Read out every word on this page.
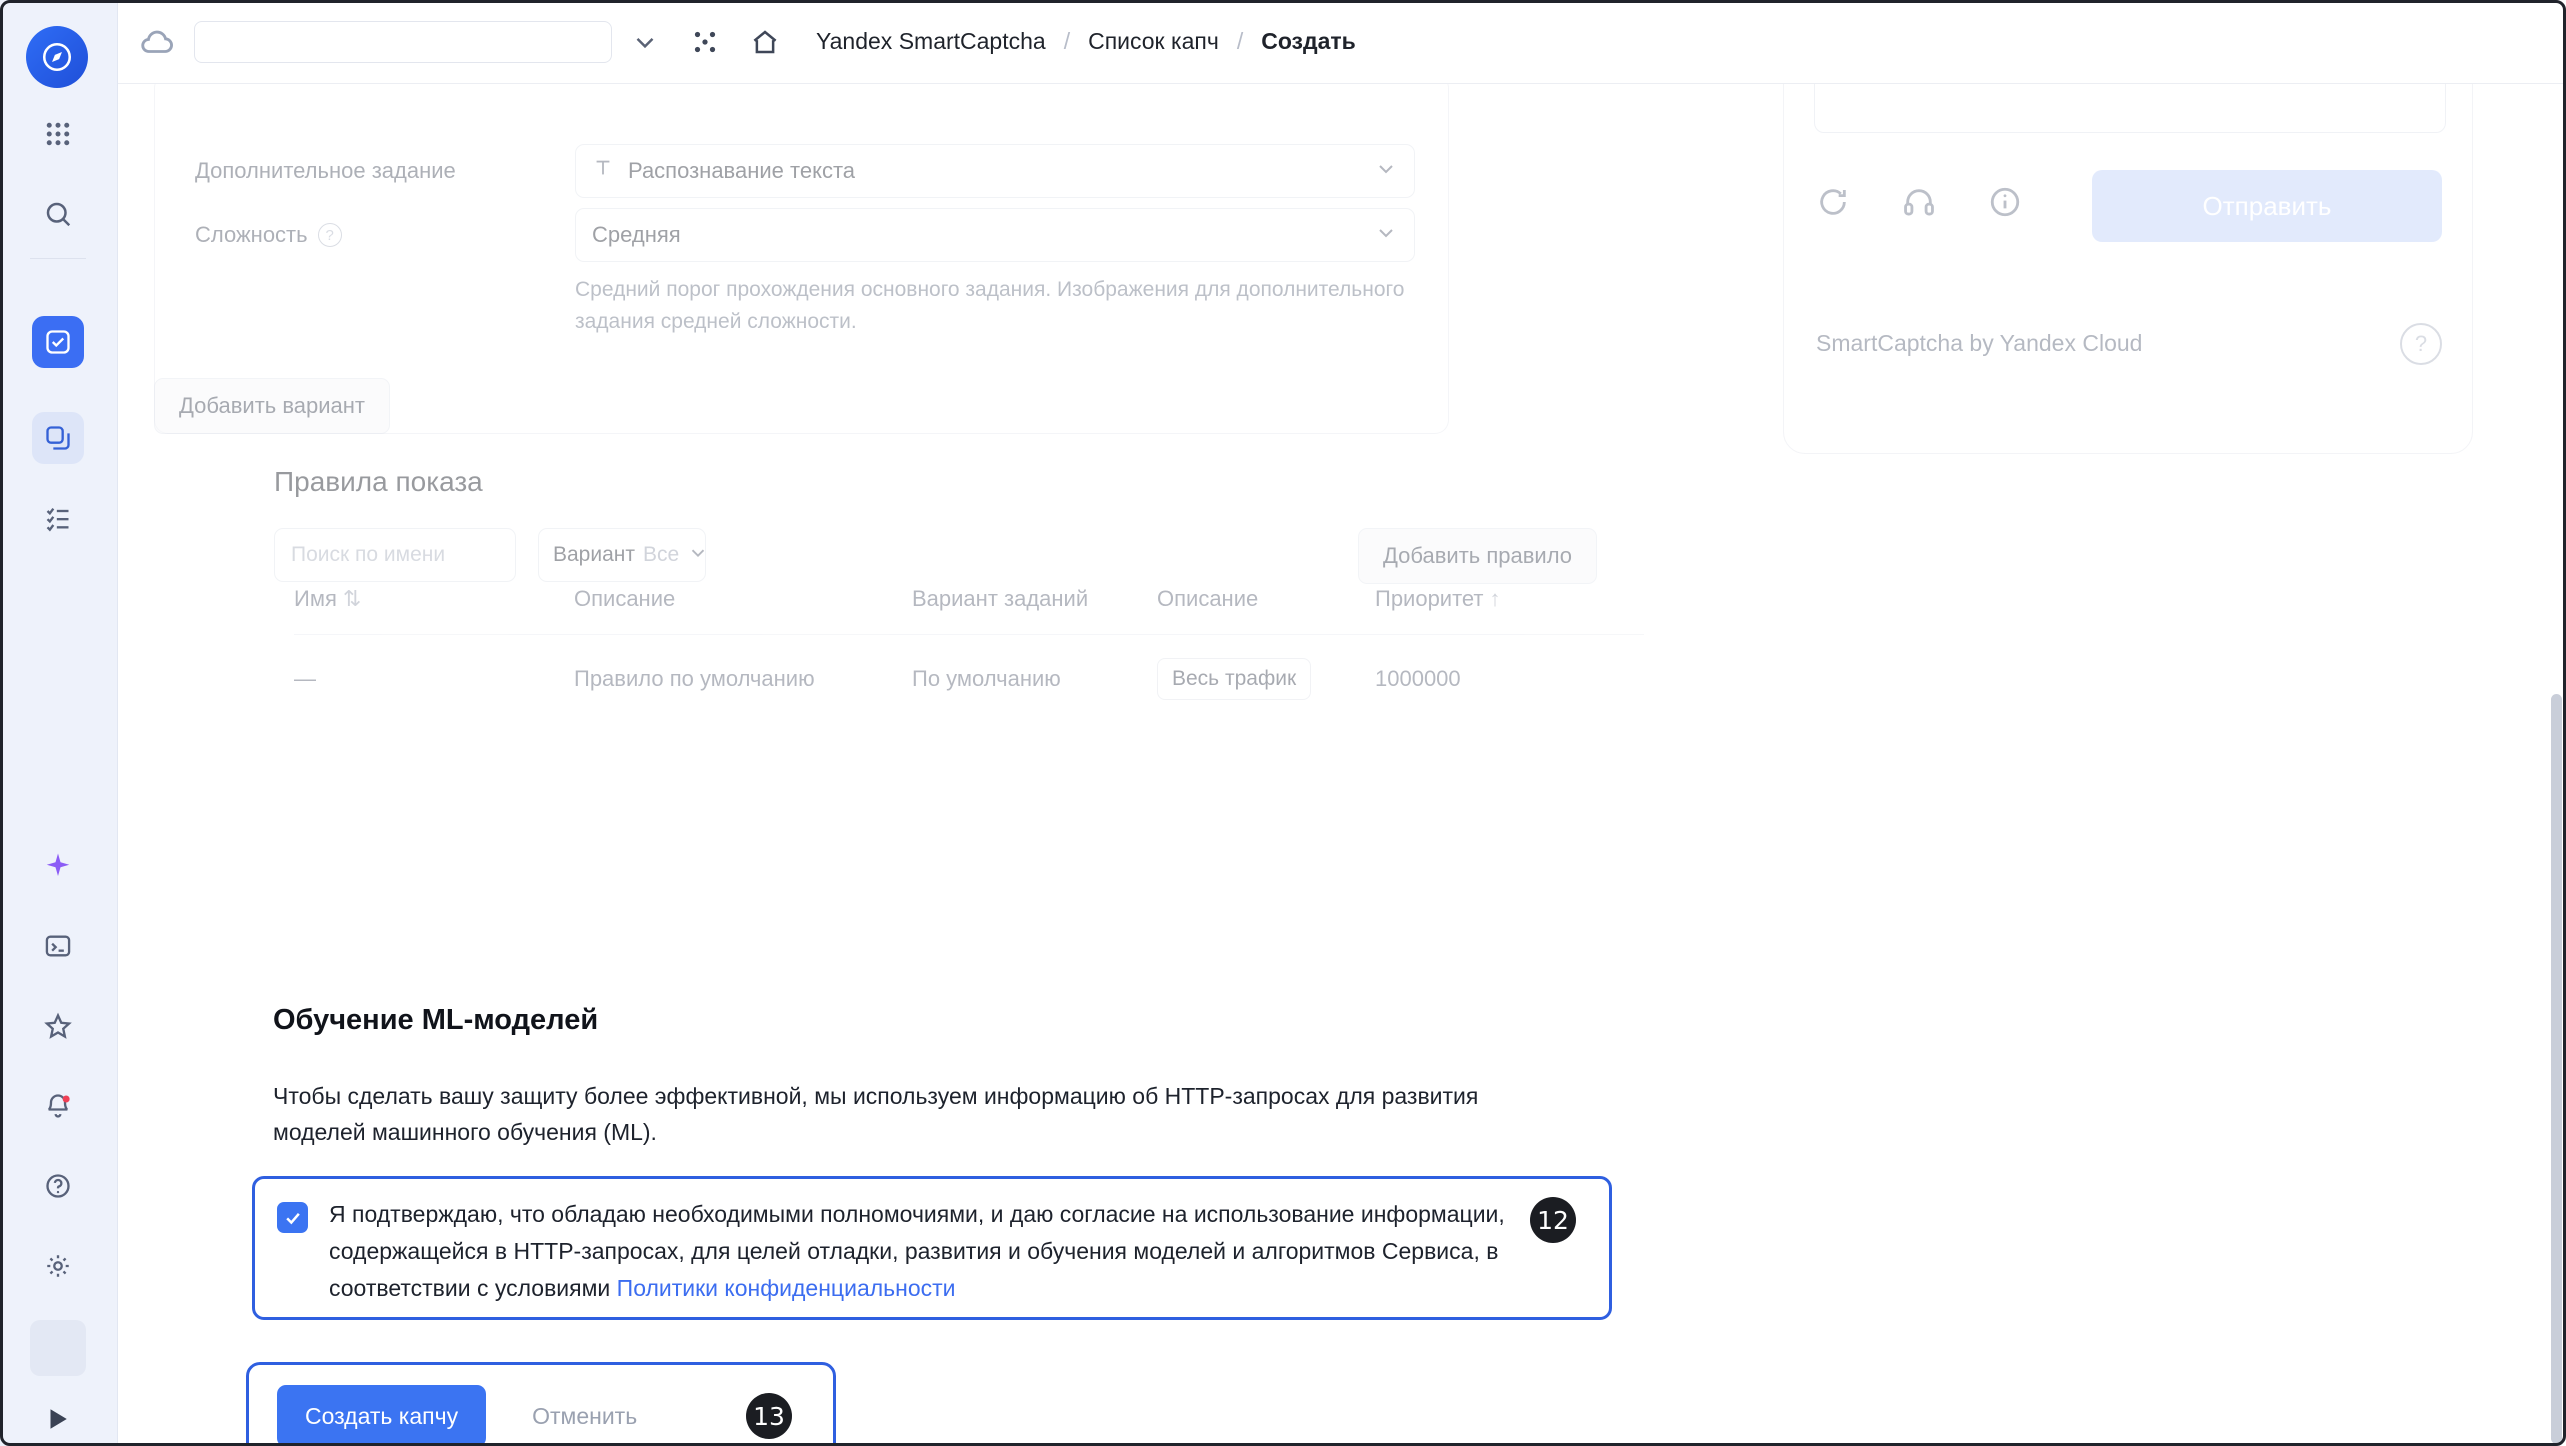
Yandex SmartCaptcha / Список капч / Создать
Дополнительное задание	Распознавание текста
Сложность	?	Средняя
Средний порог прохождения основного задания. Изображения для дополнительного задания средней сложности.
Добавить вариант
Правила показа
Поиск по имени	Вариант Все	Добавить правило
Имя ⇅	Описание	Вариант заданий	Описание	Приоритет ↑
—	Правило по умолчанию	По умолчанию	Весь трафик	1000000
Обучение ML-моделей
Чтобы сделать вашу защиту более эффективной, мы используем информацию об HTTP-запросах для развития моделей машинного обучения (ML).
Я подтверждаю, что обладаю необходимыми полномочиями, и даю согласие на использование информации, содержащейся в HTTP-запросах, для целей отладки, развития и обучения моделей и алгоритмов Сервиса, в соответствии с условиями Политики конфиденциальности
12
Создать капчу	Отменить	13
Отправить
SmartCaptcha by Yandex Cloud	?
